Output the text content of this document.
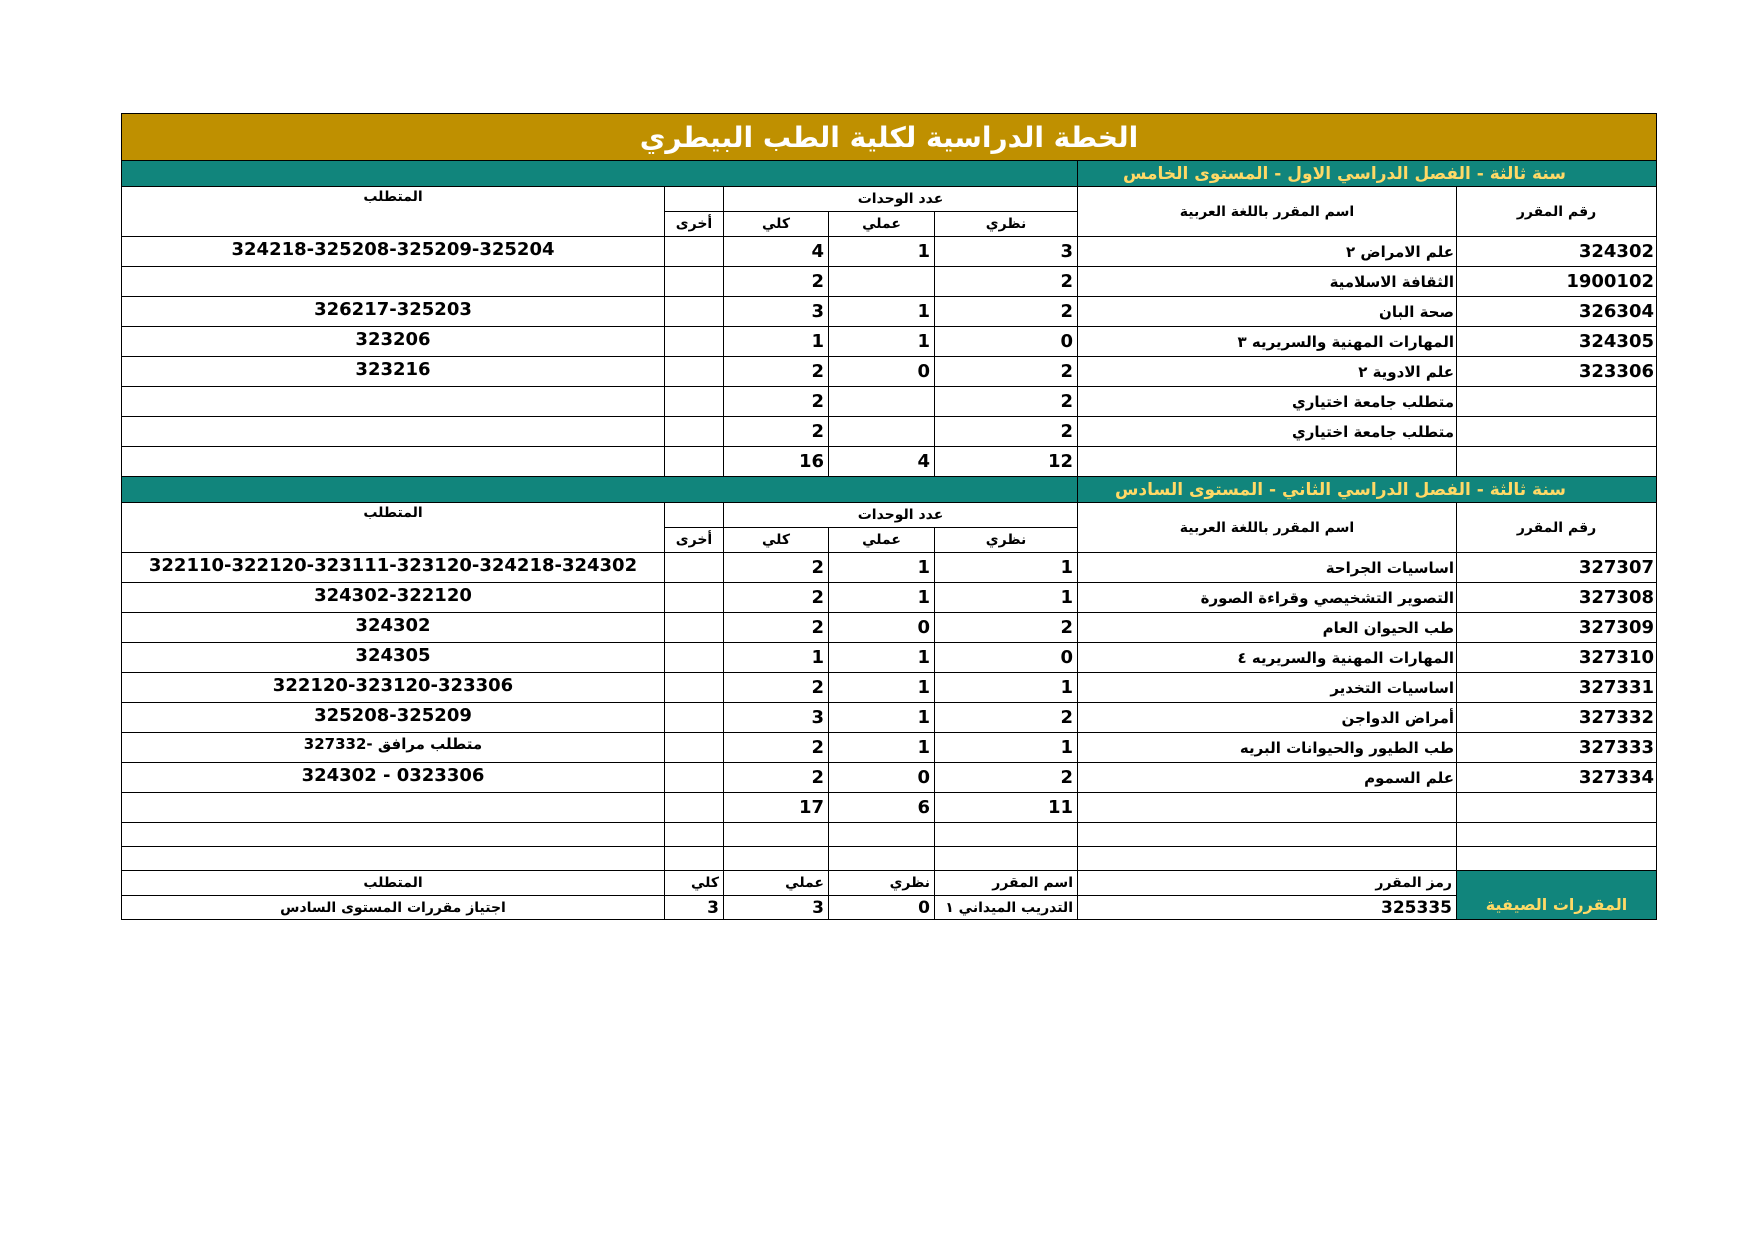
الخطة الدراسية لكلية الطب البيطري
سنة ثالثة - الفصل الدراسي الاول - المستوى الخامس
رقم المقرر
اسم المقرر باللغة العربية
عدد الوحدات
نظري
عملي
كلي
أخرى
المتطلب
324302
علم الامراض ٢
3
1
4
324218-325208-325209-325204
1900102
الثقافة الاسلامية
2
2
326304
صحة البان
2
1
3
326217-325203
324305
المهارات المهنية والسريريه ٣
0
1
1
323206
323306
علم الادوية ٢
2
0
2
323216
متطلب جامعة اختياري
2
2
متطلب جامعة اختياري
2
2
12
4
16
سنة ثالثة - الفصل الدراسي الثاني - المستوى السادس
رقم المقرر
اسم المقرر باللغة العربية
عدد الوحدات
نظري
عملي
كلي
أخرى
المتطلب
327307
اساسيات الجراحة
1
1
2
322110-322120-323111-323120-324218-324302
327308
التصوير التشخيصي وقراءة الصورة
1
1
2
324302-322120
327309
طب الحيوان العام
2
0
2
324302
327310
المهارات المهنية والسريريه ٤
0
1
1
324305
327331
اساسيات التخدير
1
1
2
322120-323120-323306
327332
أمراض الدواجن
2
1
3
325208-325209
327333
طب الطيور والحيوانات البريه
1
1
2
متطلب مرافق -327332
327334
علم السموم
2
0
2
324302 - 0323306
11
6
17
المقررات الصيفية
رمز المقرر
اسم المقرر
نظري
عملي
كلي
المتطلب
325335
التدريب الميداني ١
0
3
3
اجتياز مقررات المستوى السادس
